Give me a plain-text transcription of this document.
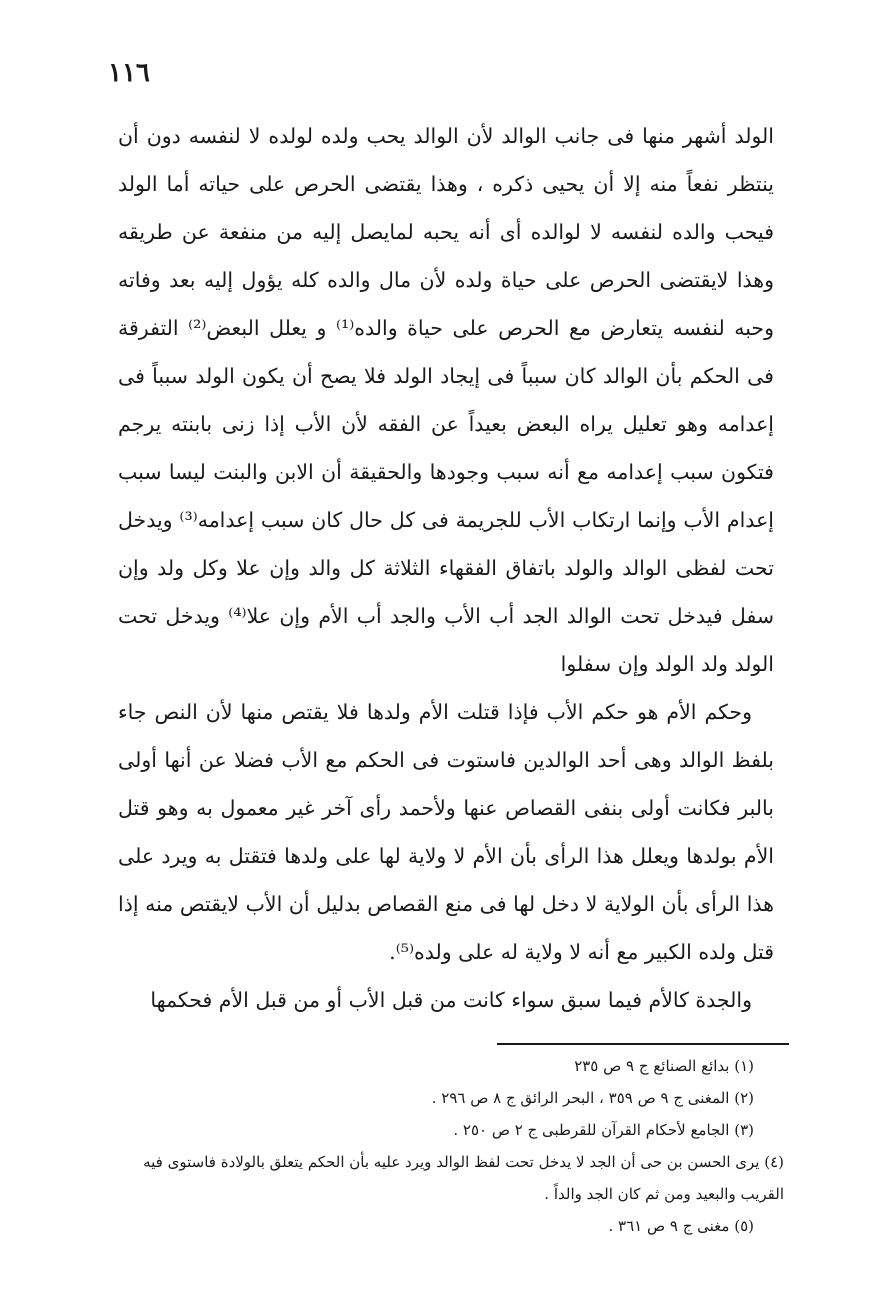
١١٦

الولد أشهر منها فى جانب الوالد لأن الوالد يحب ولده لولده لا لنفسه دون أن ينتظر نفعاً منه إلا أن يحيى ذكره ، وهذا يقتضى الحرص على حياته أما الولد فيحب والده لنفسه لا لوالده أى أنه يحبه لمايصل إليه من منفعة عن طريقه وهذا لايقتضى الحرص على حياة ولده لأن مال والده كله يؤول إليه بعد وفاته وحبه لنفسه يتعارض مع الحرص على حياة والده⁽¹⁾ و يعلل البعض⁽²⁾ التفرقة فى الحكم بأن الوالد كان سبباً فى إيجاد الولد فلا يصح أن يكون الولد سبباً فى إعدامه وهو تعليل يراه البعض بعيداً عن الفقه لأن الأب إذا زنى بابنته يرجم فتكون سبب إعدامه مع أنه سبب وجودها والحقيقة أن الابن والبنت ليسا سبب إعدام الأب وإنما ارتكاب الأب للجريمة فى كل حال كان سبب إعدامه⁽³⁾ ويدخل تحت لفظى الوالد والولد باتفاق الفقهاء الثلاثة كل والد وإن علا وكل ولد وإن سفل فيدخل تحت الوالد الجد أب الأب والجد أب الأم وإن علا⁽⁴⁾ ويدخل تحت الولد ولد الولد وإن سفلوا

وحكم الأم هو حكم الأب فإذا قتلت الأم ولدها فلا يقتص منها لأن النص جاء بلفظ الوالد وهى أحد الوالدين فاستوت فى الحكم مع الأب فضلا عن أنها أولى بالبر فكانت أولى بنفى القصاص عنها ولأحمد رأى آخر غير معمول به وهو قتل الأم بولدها ويعلل هذا الرأى بأن الأم لا ولاية لها على ولدها فتقتل به ويرد على هذا الرأى بأن الولاية لا دخل لها فى منع القصاص بدليل أن الأب لايقتص منه إذا قتل ولده الكبير مع أنه لا ولاية له على ولده⁽⁵⁾.

والجدة كالأم فيما سبق سواء كانت من قبل الأب أو من قبل الأم فحكمها

(١) بدائع الصنائع ج ٩ ص ٢٣٥

(٢) المغنى ج ٩ ص ٣٥٩ ، البحر الرائق ج ٨ ص ٢٩٦ .

(٣) الجامع لأحكام القرآن للقرطبى ج ٢ ص ٢٥٠ .

(٤) يرى الحسن بن حى أن الجد لا يدخل تحت لفظ الوالد ويرد عليه بأن الحكم يتعلق بالولادة فاستوى فيه القريب والبعيد ومن ثم كان الجد والداً .

(٥) مغنى ج ٩ ص ٣٦١ .
